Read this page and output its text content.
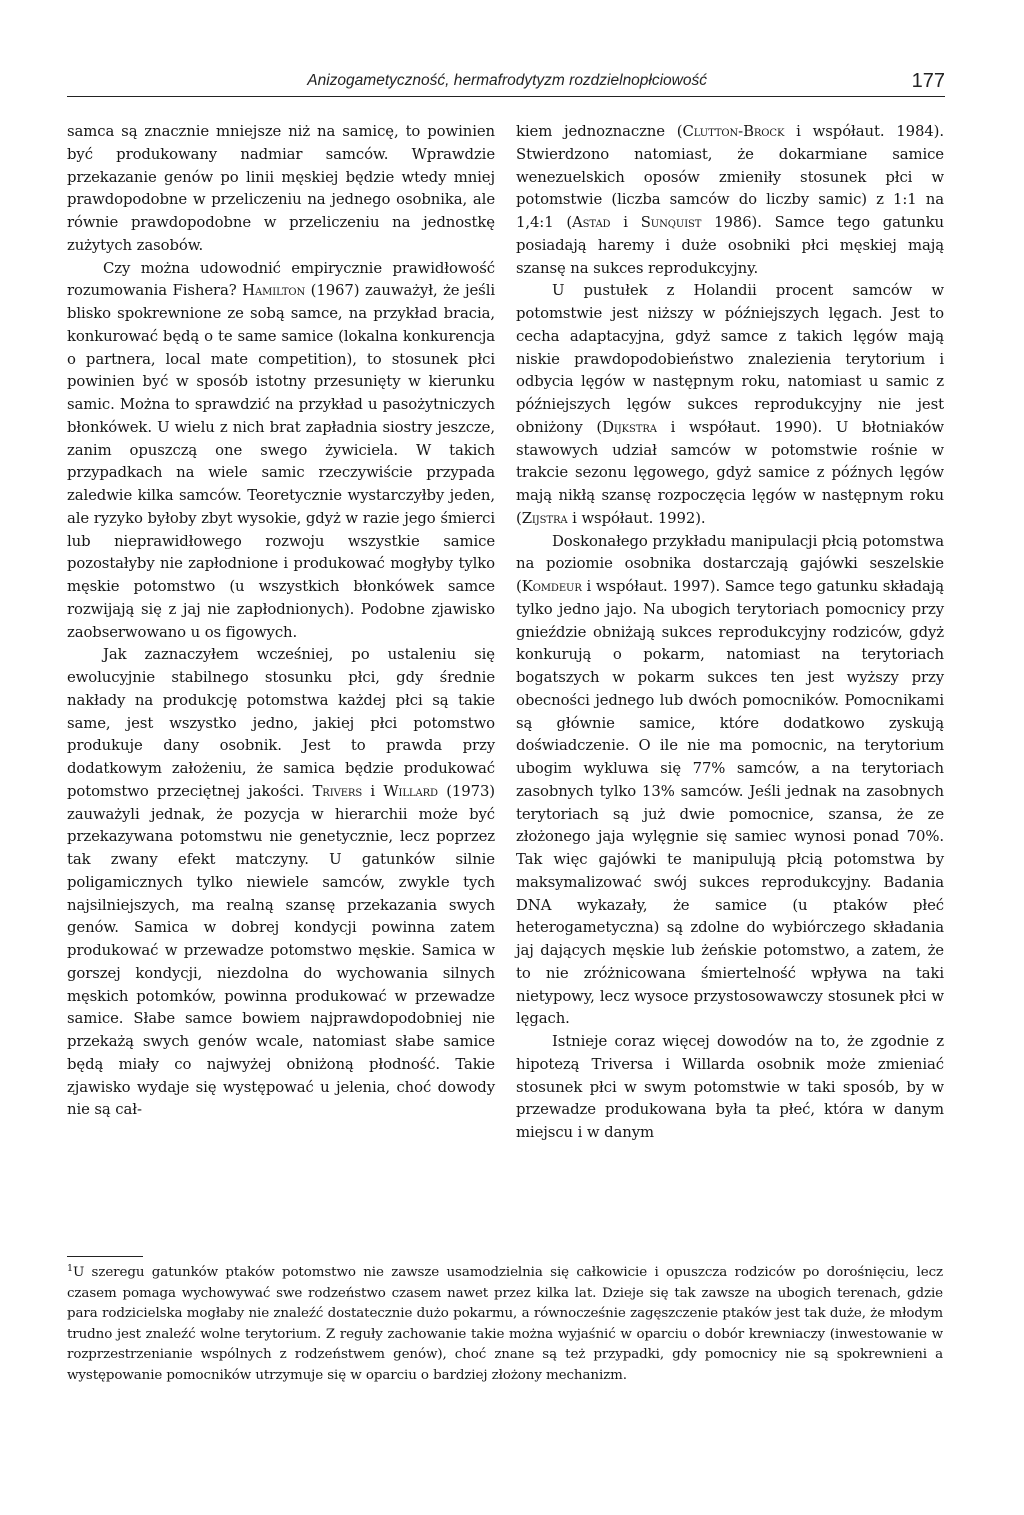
Anizogametyczność, hermafrodytyzm rozdzielnopłciowość	177

samca są znacznie mniejsze niż na samicę, to powinien być produkowany nadmiar samców. Wprawdzie przekazanie genów po linii męskiej będzie wtedy mniej prawdopodobne w przeliczeniu na jednego osobnika, ale równie prawdopodobne w przeliczeniu na jednostkę zużytych zasobów.

Czy można udowodnić empirycznie prawidłowość rozumowania Fishera? Hamilton (1967) zauważył, że jeśli blisko spokrewnione ze sobą samce, na przykład bracia, konkurować będą o te same samice (lokalna konkurencja o partnera, local mate competition), to stosunek płci powinien być w sposób istotny przesunięty w kierunku samic. Można to sprawdzić na przykład u pasożytniczych błonkówek. U wielu z nich brat zapładnia siostry jeszcze, zanim opuszczą one swego żywiciela. W takich przypadkach na wiele samic rzeczywiście przypada zaledwie kilka samców. Teoretycznie wystarczyłby jeden, ale ryzyko byłoby zbyt wysokie, gdyż w razie jego śmierci lub nieprawidłowego rozwoju wszystkie samice pozostałyby nie zapłodnione i produkować mogłyby tylko męskie potomstwo (u wszystkich błonkówek samce rozwijają się z jaj nie zapłodnionych). Podobne zjawisko zaobserwowano u os figowych.

Jak zaznaczyłem wcześniej, po ustaleniu się ewolucyjnie stabilnego stosunku płci, gdy średnie nakłady na produkcję potomstwa każdej płci są takie same, jest wszystko jedno, jakiej płci potomstwo produkuje dany osobnik. Jest to prawda przy dodatkowym założeniu, że samica będzie produkować potomstwo przeciętnej jakości. Trivers i Willard (1973) zauważyli jednak, że pozycja w hierarchii może być przekazywana potomstwu nie genetycznie, lecz poprzez tak zwany efekt matczyny. U gatunków silnie poligamicznych tylko niewiele samców, zwykle tych najsilniejszych, ma realną szansę przekazania swych genów. Samica w dobrej kondycji powinna zatem produkować w przewadze potomstwo męskie. Samica w gorszej kondycji, niezdolna do wychowania silnych męskich potomków, powinna produkować w przewadze samice. Słabe samce bowiem najprawdopodobniej nie przekażą swych genów wcale, natomiast słabe samice będą miały co najwyżej obniżoną płodność. Takie zjawisko wydaje się występować u jelenia, choć dowody nie są cał-

kiem jednoznaczne (Clutton-Brock i współaut. 1984). Stwierdzono natomiast, że dokarmiane samice wenezuelskich oposów zmieniły stosunek płci w potomstwie (liczba samców do liczby samic) z 1:1 na 1,4:1 (Astad i Sunquist 1986). Samce tego gatunku posiadają haremy i duże osobniki płci męskiej mają szansę na sukces reprodukcyjny.

U pustułek z Holandii procent samców w potomstwie jest niższy w późniejszych lęgach. Jest to cecha adaptacyjna, gdyż samce z takich lęgów mają niskie prawdopodobieństwo znalezienia terytorium i odbycia lęgów w następnym roku, natomiast u samic z późniejszych lęgów sukces reprodukcyjny nie jest obniżony (Dijkstra i współaut. 1990). U błotniaków stawowych udział samców w potomstwie rośnie w trakcie sezonu lęgowego, gdyż samice z późnych lęgów mają nikłą szansę rozpoczęcia lęgów w następnym roku (Zijstra i współaut. 1992).

Doskonałego przykładu manipulacji płcią potomstwa na poziomie osobnika dostarczają gajówki seszelskie (Komdeur i współaut. 1997). Samce tego gatunku składają tylko jedno jajo. Na ubogich terytoriach pomocnicy przy gnieździe obniżają sukces reprodukcyjny rodziców, gdyż konkurują o pokarm, natomiast na terytoriach bogatszych w pokarm sukces ten jest wyższy przy obecności jednego lub dwóch pomocników. Pomocnikami są głównie samice, które dodatkowo zyskują doświadczenie. O ile nie ma pomocnic, na terytorium ubogim wykluwa się 77% samców, a na terytoriach zasobnych tylko 13% samców. Jeśli jednak na zasobnych terytoriach są już dwie pomocnice, szansa, że ze złożonego jaja wylęgnie się samiec wynosi ponad 70%. Tak więc gajówki te manipulują płcią potomstwa by maksymalizować swój sukces reprodukcyjny. Badania DNA wykazały, że samice (u ptaków płeć heterogametyczna) są zdolne do wybiórczego składania jaj dających męskie lub żeńskie potomstwo, a zatem, że to nie zróżnicowana śmiertelność wpływa na taki nietypowy, lecz wysoce przystosowawczy stosunek płci w lęgach.

Istnieje coraz więcej dowodów na to, że zgodnie z hipotezą Triversa i Willarda osobnik może zmieniać stosunek płci w swym potomstwie w taki sposób, by w przewadze produkowana była ta płeć, która w danym miejscu i w danym

$^1$U szeregu gatunków ptaków potomstwo nie zawsze usamodzielnia się całkowicie i opuszcza rodziców po dorośnięciu, lecz czasem pomaga wychowywać swe rodzeństwo czasem nawet przez kilka lat. Dzieje się tak zawsze na ubogich terenach, gdzie para rodzicielska mogłaby nie znaleźć dostatecznie dużo pokarmu, a równocześnie zagęszczenie ptaków jest tak duże, że młodym trudno jest znaleźć wolne terytorium. Z reguły zachowanie takie można wyjaśnić w oparciu o dobór krewniaczy (inwestowanie w rozprzestrzenianie wspólnych z rodzeństwem genów), choć znane są też przypadki, gdy pomocnicy nie są spokrewnieni a występowanie pomocników utrzymuje się w oparciu o bardziej złożony mechanizm.
